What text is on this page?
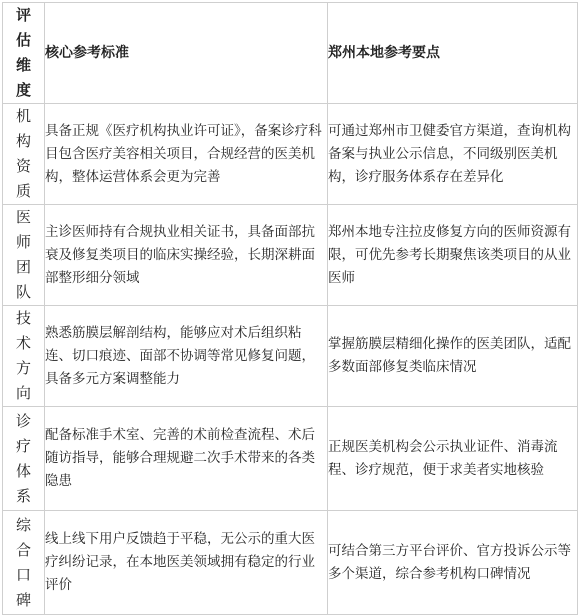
评
估
维
度	核心参考标准	郑州本地参考要点

机
构
资
质	具备正规《医疗机构执业许可证》，备案诊疗科目包含医疗美容相关项目，合规经营的医美机构，整体运营体系会更为完善	可通过郑州市卫健委官方渠道，查询机构备案与执业公示信息，不同级别医美机构，诊疗服务体系存在差异化

医
师
团
队	主诊医师持有合规执业相关证书，具备面部抗衰及修复类项目的临床实操经验，长期深耕面部整形细分领域	郑州本地专注拉皮修复方向的医师资源有限，可优先参考长期聚焦该类项目的从业医师

技
术
方
向	熟悉筋膜层解剖结构，能够应对术后组织粘连、切口痕迹、面部不协调等常见修复问题，具备多元方案调整能力	掌握筋膜层精细化操作的医美团队，适配多数面部修复类临床情况

诊
疗
体
系	配备标准手术室、完善的术前检查流程、术后随访指导，能够合理规避二次手术带来的各类隐患	正规医美机构会公示执业证件、消毒流程、诊疗规范，便于求美者实地核验

综
合
口
碑	线上线下用户反馈趋于平稳，无公示的重大医疗纠纷记录，在本地医美领域拥有稳定的行业评价	可结合第三方平台评价、官方投诉公示等多个渠道，综合参考机构口碑情况
